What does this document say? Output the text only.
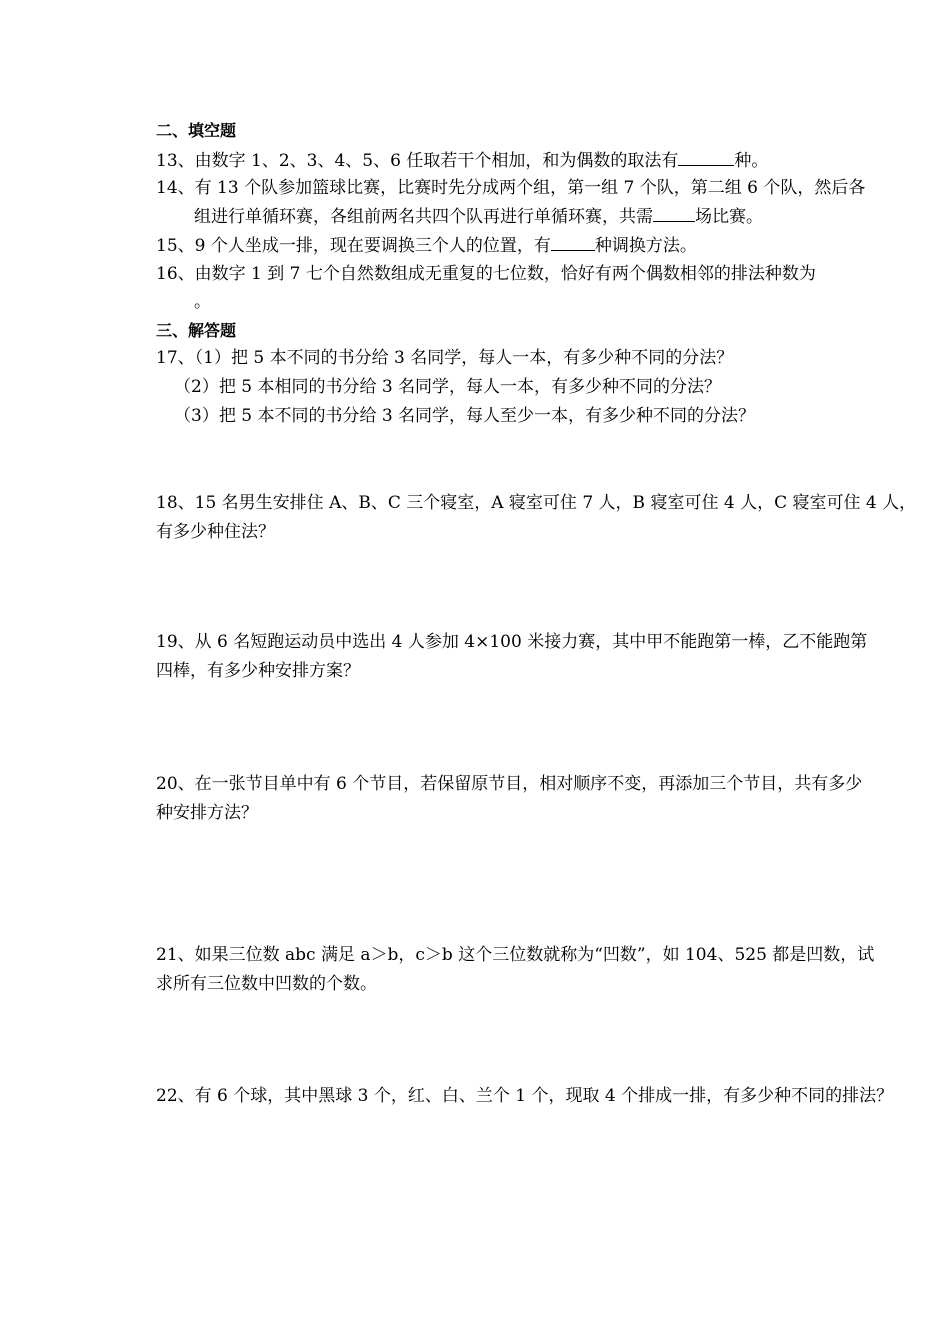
二、填空题
13、由数字 1、2、3、4、5、6 任取若干个相加，和为偶数的取法有	种。
14、有 13 个队参加篮球比赛，比赛时先分成两个组，第一组 7 个队，第二组 6 个队，然后各
组进行单循环赛，各组前两名共四个队再进行单循环赛，共需 场比赛。
15、9 个人坐成一排，现在要调换三个人的位置，有	种调换方法。
16、由数字 1 到 7 七个自然数组成无重复的七位数，恰好有两个偶数相邻的排法种数为
。
三、解答题
17、（1）把 5 本不同的书分给 3 名同学，每人一本，有多少种不同的分法？
（2）把 5 本相同的书分给 3 名同学，每人一本，有多少种不同的分法？
（3）把 5 本不同的书分给 3 名同学，每人至少一本，有多少种不同的分法？
18、15 名男生安排住 A、B、C 三个寝室，A 寝室可住 7 人，B 寝室可住 4 人，C 寝室可住 4 人，
有多少种住法？
19、从 6 名短跑运动员中选出 4 人参加 4×100 米接力赛，其中甲不能跑第一棒，乙不能跑第
四棒，有多少种安排方案？
20、在一张节目单中有 6 个节目，若保留原节目，相对顺序不变，再添加三个节目，共有多少
种安排方法？
21、如果三位数 abc 满足 a＞b，c＞b 这个三位数就称为“凹数”，如 104、525 都是凹数，试
求所有三位数中凹数的个数。
22、有 6 个球，其中黑球 3 个，红、白、兰个 1 个，现取 4 个排成一排，有多少种不同的排法？
